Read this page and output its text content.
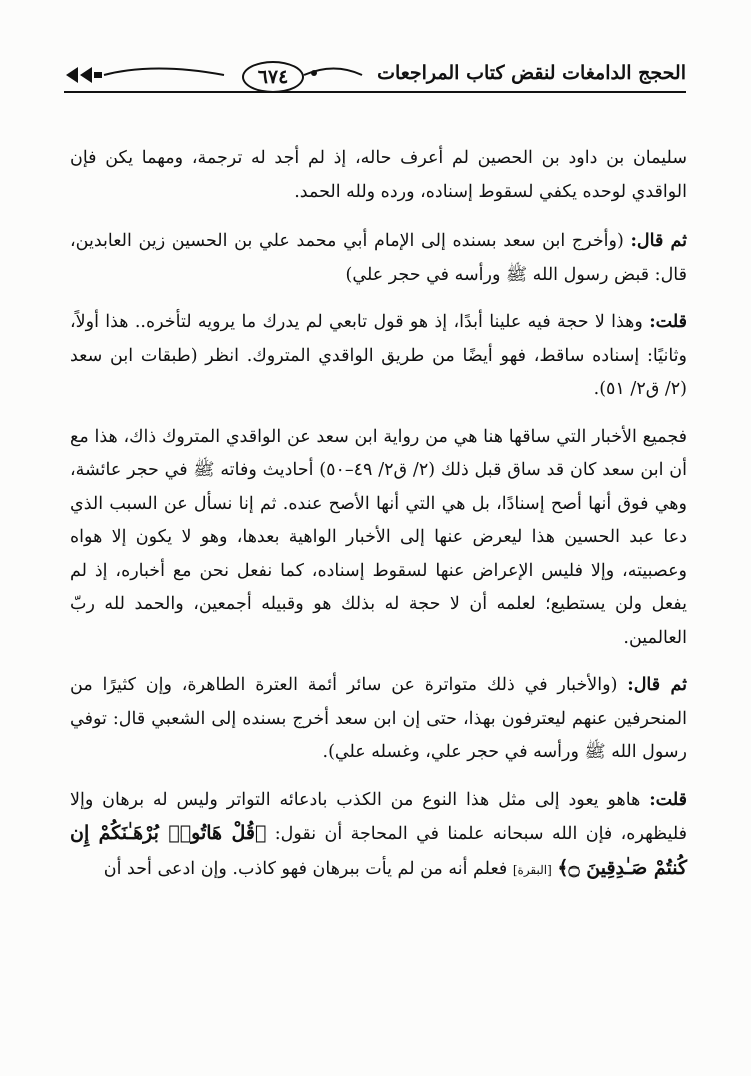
٦٧٤	الحجج الدامغات لنقض كتاب المراجعات

سليمان بن داود بن الحصين لم أعرف حاله، إذ لم أجد له ترجمة، ومهما يكن فإن الواقدي لوحده يكفي لسقوط إسناده، ورده ولله الحمد.

ثم قال: (وأخرج ابن سعد بسنده إلى الإمام أبي محمد علي بن الحسين زين العابدين، قال: قبض رسول الله ﷺ ورأسه في حجر علي)

قلت: وهذا لا حجة فيه علينا أبدًا، إذ هو قول تابعي لم يدرك ما يرويه لتأخره.. هذا أولاً، وثانيًا: إسناده ساقط، فهو أيضًا من طريق الواقدي المتروك. انظر (طبقات ابن سعد (٢/ ق٢/ ٥١).

فجميع الأخبار التي ساقها هنا هي من رواية ابن سعد عن الواقدي المتروك ذاك، هذا مع أن ابن سعد كان قد ساق قبل ذلك (٢/ ق٢/ ٤٩–٥٠) أحاديث وفاته ﷺ في حجر عائشة، وهي فوق أنها أصح إسنادًا، بل هي التي أنها الأصح عنده. ثم إنا نسأل عن السبب الذي دعا عبد الحسين هذا ليعرض عنها إلى الأخبار الواهية بعدها، وهو لا يكون إلا هواه وعصبيته، وإلا فليس الإعراض عنها لسقوط إسناده، كما نفعل نحن مع أخباره، إذ لم يفعل ولن يستطيع؛ لعلمه أن لا حجة له بذلك هو وقبيله أجمعين، والحمد لله ربّ العالمين.

ثم قال: (والأخبار في ذلك متواترة عن سائر أئمة العترة الطاهرة، وإن كثيرًا من المنحرفين عنهم ليعترفون بهذا، حتى إن ابن سعد أخرج بسنده إلى الشعبي قال: توفي رسول الله ﷺ ورأسه في حجر علي، وغسله علي).

قلت: هاهو يعود إلى مثل هذا النوع من الكذب بادعائه التواتر وليس له برهان وإلا فليظهره، فإن الله سبحانه علمنا في المحاجة أن نقول: ﴿قُلْ هَاتُوا۟ بُرْهَـٰنَكُمْ إِن كُنتُمْ صَـٰدِقِينَ ۝﴾ [البقرة] فعلم أنه من لم يأت ببرهان فهو كاذب. وإن ادعى أحد أن
